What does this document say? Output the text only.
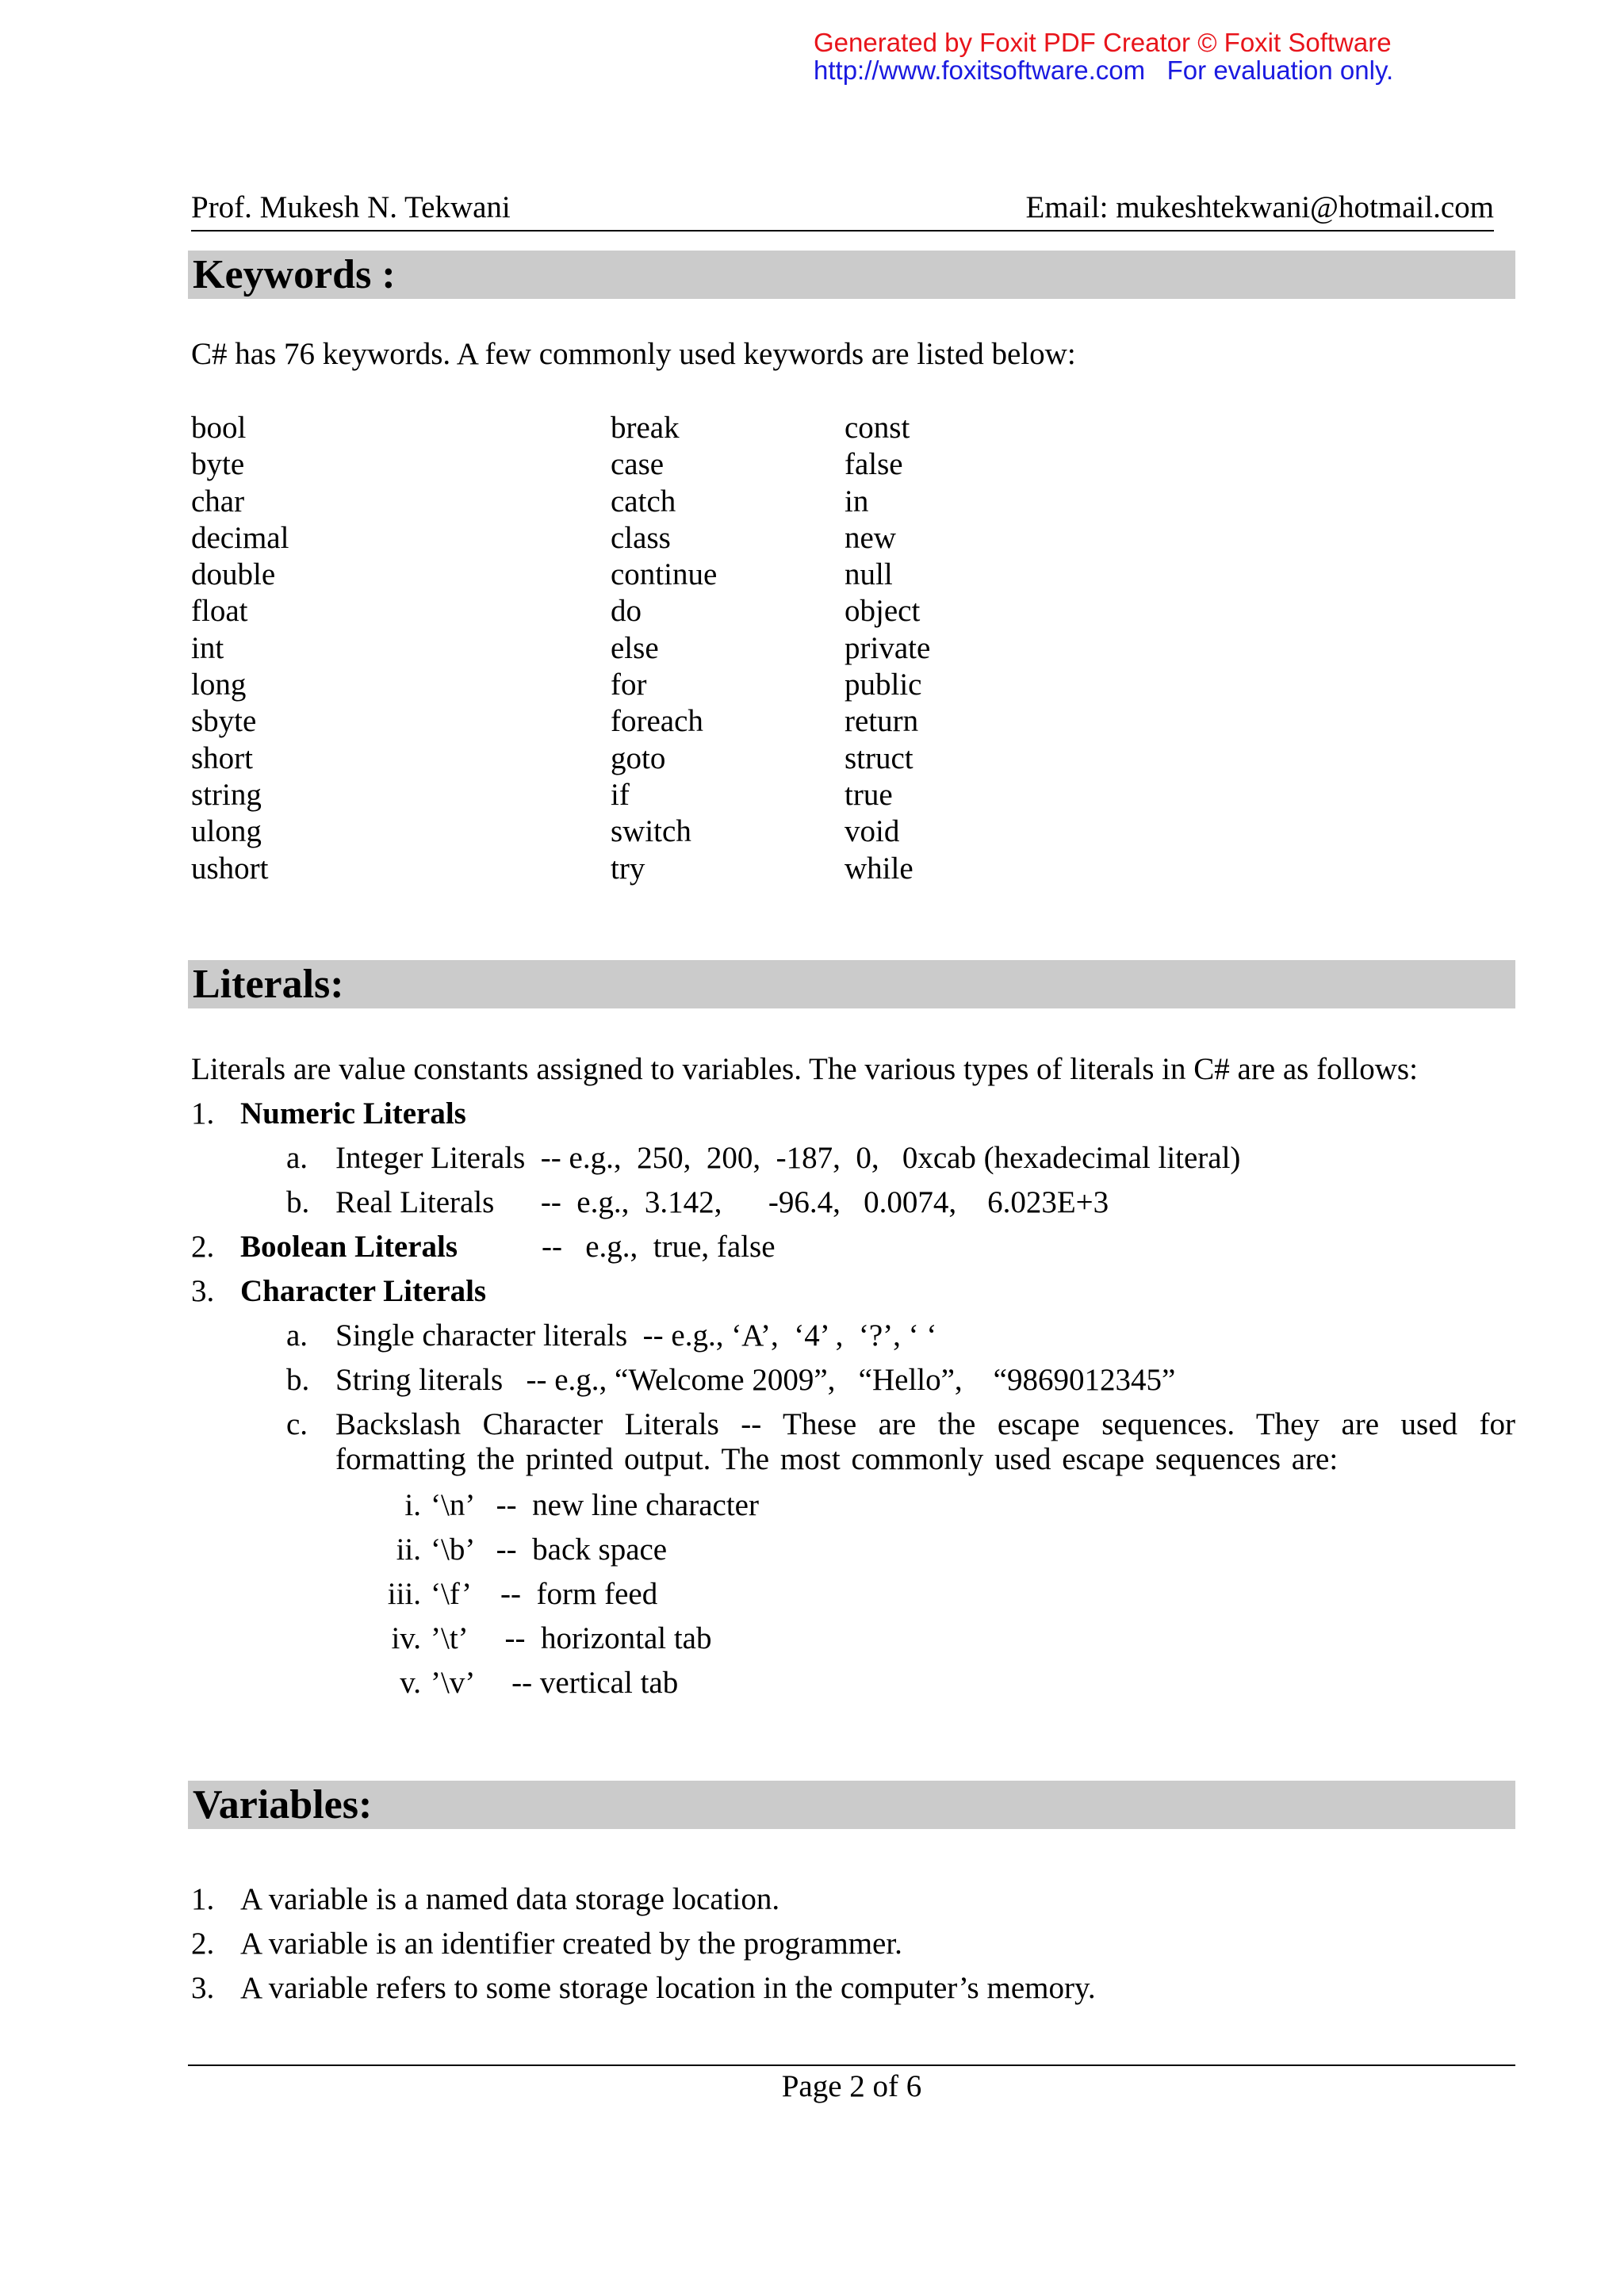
Generated by Foxit PDF Creator © Foxit Software
http://www.foxitsoftware.com   For evaluation only.
Prof. Mukesh N. Tekwani	Email: mukeshtekwani@hotmail.com
Keywords :
C# has 76 keywords. A few commonly used keywords are listed below:
bool
byte
char
decimal
double
float
int
long
sbyte
short
string
ulong
ushort
break
case
catch
class
continue
do
else
for
foreach
goto
if
switch
try
const
false
in
new
null
object
private
public
return
struct
true
void
while
Literals:
Literals are value constants assigned to variables. The various types of literals in C# are as follows:
1. Numeric Literals
a. Integer Literals  -- e.g.,  250,  200,  -187,  0,   0xcab (hexadecimal literal)
b. Real Literals      --  e.g.,  3.142,      -96.4,   0.0074,    6.023E+3
2. Boolean Literals	--   e.g.,  true, false
3. Character Literals
a. Single character literals  -- e.g., ‘A’,  ‘4’ ,  ‘?’, ‘ ‘
b. String literals   -- e.g., “Welcome 2009”,   “Hello”,    “9869012345”
c. Backslash Character Literals -- These are the escape sequences. They are used for formatting the printed output. The most commonly used escape sequences are:
i. ‘\n’   --  new line character
ii. ‘\b’   --  back space
iii. ‘\f’    --  form feed
iv. ’\t’     --  horizontal tab
v. ’\v’     -- vertical tab
Variables:
1. A variable is a named data storage location.
2. A variable is an identifier created by the programmer.
3. A variable refers to some storage location in the computer’s memory.
Page 2 of 6
